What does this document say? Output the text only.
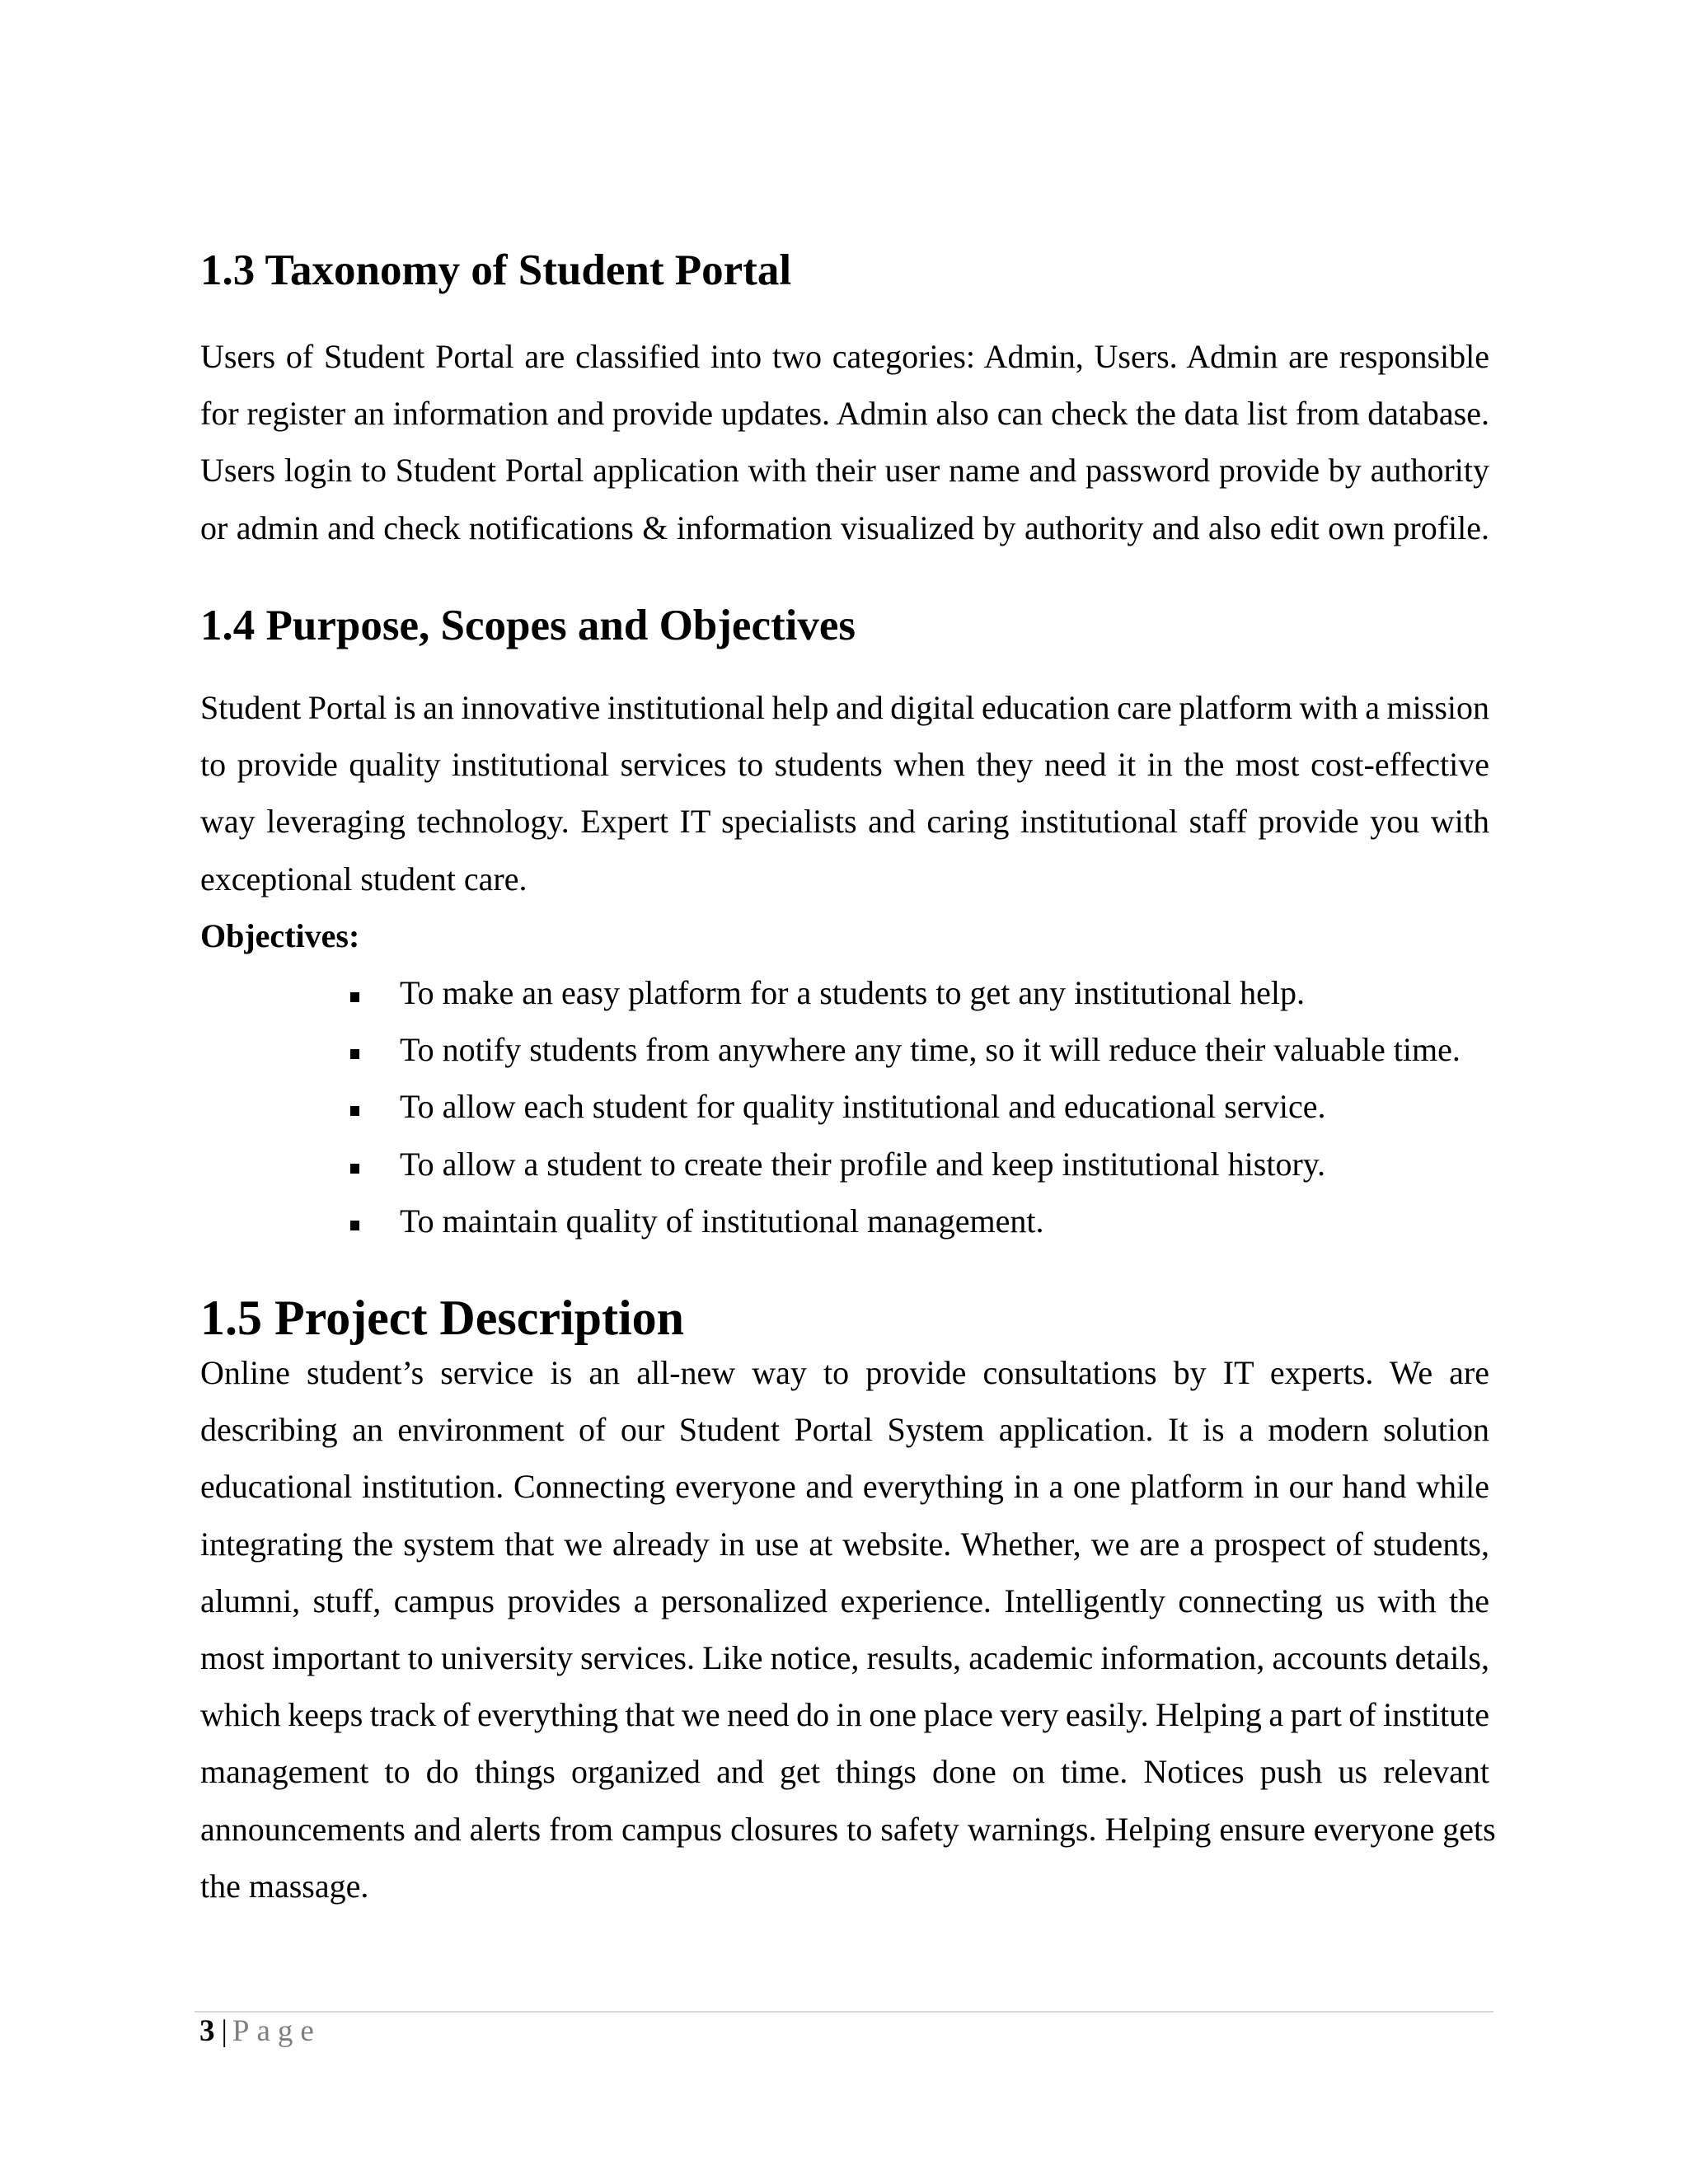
1.3 Taxonomy of Student Portal
Users of Student Portal are classified into two categories: Admin, Users. Admin are responsible
for register an information and provide updates. Admin also can check the data list from database.
Users login to Student Portal application with their user name and password provide by authority
or admin and check notifications & information visualized by authority and also edit own profile.
1.4 Purpose, Scopes and Objectives
Student Portal is an innovative institutional help and digital education care platform with a mission
to provide quality institutional services to students when they need it in the most cost-effective
way leveraging technology. Expert IT specialists and caring institutional staff provide you with
exceptional student care.
Objectives:
To make an easy platform for a students to get any institutional help.
To notify students from anywhere any time, so it will reduce their valuable time.
To allow each student for quality institutional and educational service.
To allow a student to create their profile and keep institutional history.
To maintain quality of institutional management.
1.5 Project Description
Online student’s service is an all-new way to provide consultations by IT experts. We are
describing an environment of our Student Portal System application. It is a modern solution
educational institution. Connecting everyone and everything in a one platform in our hand while
integrating the system that we already in use at website. Whether, we are a prospect of students,
alumni, stuff, campus provides a personalized experience. Intelligently connecting us with the
most important to university services. Like notice, results, academic information, accounts details,
which keeps track of everything that we need do in one place very easily. Helping a part of institute
management to do things organized and get things done on time. Notices push us relevant
announcements and alerts from campus closures to safety warnings. Helping ensure everyone gets
the massage.
3 | Page
